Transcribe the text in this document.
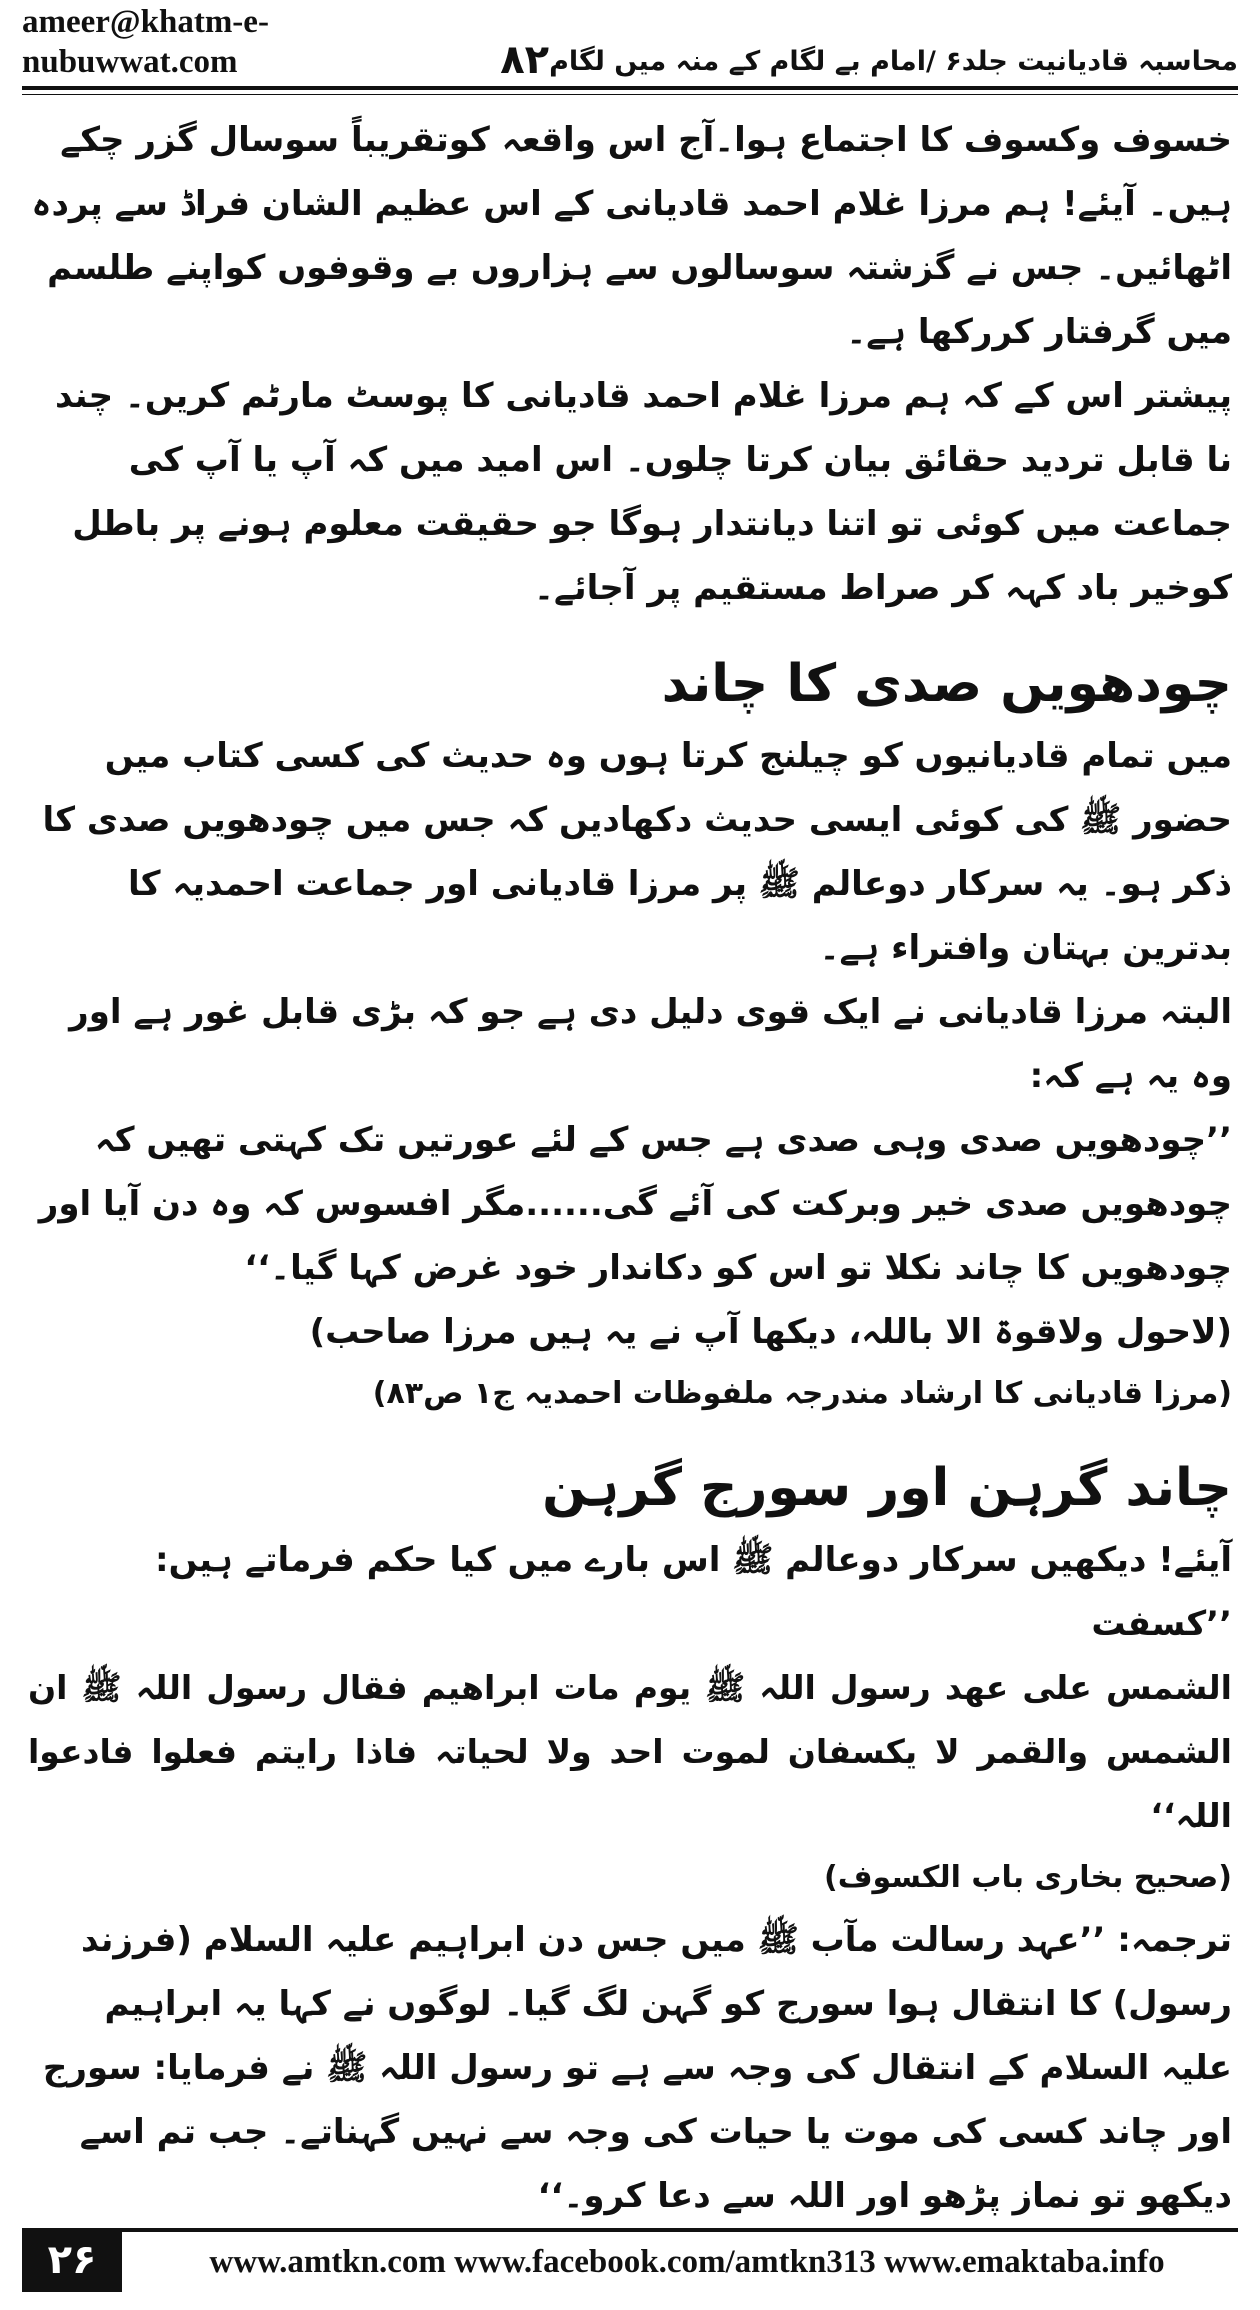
ameer@khatm-e-nubuwwat.com	۸۲ محاسبہ قادیانیت جلد۶ /امام بے لگام کے منہ میں لگام

خسوف وکسوف کا اجتماع ہوا۔آج اس واقعہ کوتقریباً سوسال گزر چکے ہیں۔ آیئے! ہم مرزا غلام احمد قادیانی کے اس عظیم الشان فراڈ سے پردہ اٹھائیں۔ جس نے گزشتہ سوسالوں سے ہزاروں بے وقوفوں کواپنے طلسم میں گرفتار کررکھا ہے۔

پیشتر اس کے کہ ہم مرزا غلام احمد قادیانی کا پوسٹ مارٹم کریں۔ چند نا قابل تردید حقائق بیان کرتا چلوں۔ اس امید میں کہ آپ یا آپ کی جماعت میں کوئی تو اتنا دیانتدار ہوگا جو حقیقت معلوم ہونے پر باطل کوخیر باد کہہ کر صراط مستقیم پر آجائے۔

چودھویں صدی کا چاند

میں تمام قادیانیوں کو چیلنج کرتا ہوں وہ حدیث کی کسی کتاب میں حضور ﷺ کی کوئی ایسی حدیث دکھادیں کہ جس میں چودھویں صدی کا ذکر ہو۔ یہ سرکار دوعالم ﷺ پر مرزا قادیانی اور جماعت احمدیہ کا بدترین بہتان وافتراء ہے۔

البتہ مرزا قادیانی نے ایک قوی دلیل دی ہے جو کہ بڑی قابل غور ہے اور وہ یہ ہے کہ:

’’چودھویں صدی وہی صدی ہے جس کے لئے عورتیں تک کہتی تھیں کہ چودھویں صدی خیر وبرکت کی آئے گی......مگر افسوس کہ وہ دن آیا اور چودھویں کا چاند نکلا تو اس کو دکاندار خود غرض کہا گیا۔‘‘

(لاحول ولاقوۃ الا باللہ، دیکھا آپ نے یہ ہیں مرزا صاحب)

(مرزا قادیانی کا ارشاد مندرجہ ملفوظات احمدیہ ج۱ ص۸۳)

چاند گرہن اور سورج گرہن

آیئے! دیکھیں سرکار دوعالم ﷺ اس بارے میں کیا حکم فرماتے ہیں: ’’کسفت

الشمس علی عھد رسول اللہ ﷺ یوم مات ابراھیم فقال رسول اللہ ﷺ ان الشمس والقمر لا یکسفان لموت احد ولا لحیاتہ فاذا رایتم فعلوا فادعوا اللہ‘‘

(صحیح بخاری باب الکسوف)

ترجمہ: ’’عہد رسالت مآب ﷺ میں جس دن ابراہیم علیہ السلام (فرزند رسول) کا انتقال ہوا سورج کو گہن لگ گیا۔ لوگوں نے کہا یہ ابراہیم علیہ السلام کے انتقال کی وجہ سے ہے تو رسول اللہ ﷺ نے فرمایا: سورج اور چاند کسی کی موت یا حیات کی وجہ سے نہیں گہناتے۔ جب تم اسے دیکھو تو نماز پڑھو اور اللہ سے دعا کرو۔‘‘

۲۶	www.amtkn.com www.facebook.com/amtkn313 www.emaktaba.info
